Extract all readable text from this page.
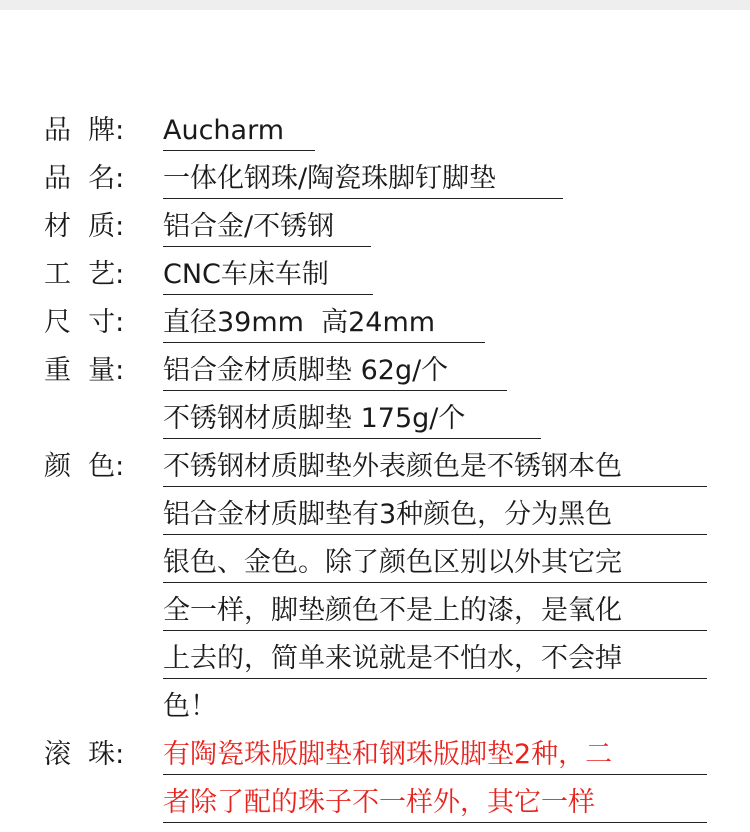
品  牌: Aucharm
品  名: 一体化钢珠/陶瓷珠脚钉脚垫
材  质: 铝合金/不锈钢
工  艺: CNC车床车制
尺  寸: 直径39mm  高24mm
重  量: 铝合金材质脚垫 62g/个
不锈钢材质脚垫 175g/个
颜  色: 不锈钢材质脚垫外表颜色是不锈钢本色
铝合金材质脚垫有3种颜色，分为黑色
银色、金色。除了颜色区别以外其它完
全一样，脚垫颜色不是上的漆，是氧化
上去的，简单来说就是不怕水，不会掉
色！
滚  珠: 有陶瓷珠版脚垫和钢珠版脚垫2种，二
者除了配的珠子不一样外，其它一样
